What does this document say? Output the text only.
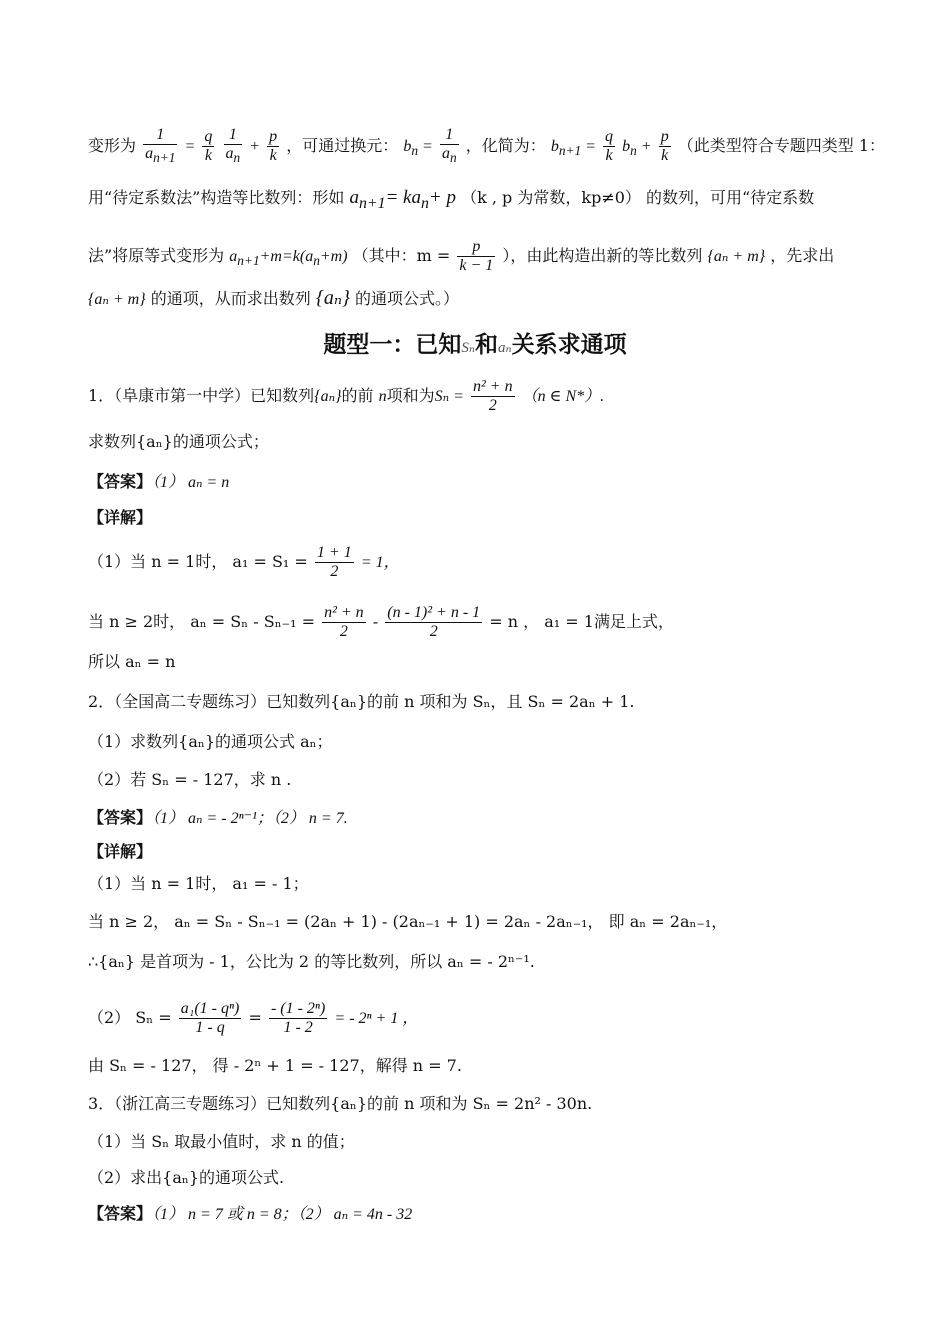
变形为 $\frac{1}{a_{n+1}} = \frac{q}{k}$
$\frac{1}{a_n} + \frac{p}{k}$ ，可通过换元： $b_n = \frac{1}{a_n}$ ，化简为： $b_{n+1} = \frac{q}{k} b_n + \frac{p}{k}$ （此类型符合专题四类型 1：
用“待定系数法”构造等比数列：形如 $a_{n+1}= ka_n+ p$ （k , p 为常数，kp≠0） 的数列，可用“待定系数
法”将原等式变形为 $a_{n+1}+m=k(a_n+m)$ （其中：$m = \frac{p}{k - 1}$ ），由此构造出新的等比数列 {aₙ + m} ，先求出
{aₙ + m} 的通项，从而求出数列 {aₙ} 的通项公式。）
题型一：已知Sₙ和aₙ关系求通项
1．（阜康市第一中学）已知数列{aₙ}的前 n项和为$S_n = \frac{\text{n² + n}}{2} (n$ ∈ N*）.
求数列{aₙ}的通项公式；
【答案】（1） aₙ = n
【详解】
（1）当 n = 1时， $a_1 = S_1 = \frac{1 + 1}{2} = 1$，
当 n ≥ 2时， $a_n = S_n - S_{n-1} = \frac{\text{n² + n}}{2} - \frac{\text{(n - 1)² + n - 1}}{2} = n$ ， a₁ = 1满足上式，
所以 aₙ = n
2．（全国高二专题练习）已知数列{aₙ}的前 n 项和为 Sₙ，且 Sₙ = 2aₙ + 1.
（1）求数列{aₙ}的通项公式 aₙ；
（2）若 Sₙ = - 127，求 n .
【答案】（1） aₙ = - 2ⁿ⁻¹；（2） n = 7.
【详解】
（1）当 n = 1时， a₁ = - 1；
当 n ≥ 2， aₙ = Sₙ - Sₙ₋₁ = (2aₙ + 1) - (2aₙ₋₁ + 1) = 2aₙ - 2aₙ₋₁， 即 aₙ = 2aₙ₋₁，
∴{aₙ} 是首项为 - 1，公比为 2 的等比数列，所以 aₙ = - 2ⁿ⁻¹.
（2） $S_n = \frac{\text{a₁(1 - qⁿ)}}{1 - q} = \frac{\text{- (1 - 2ⁿ)}}{1 - 2}$ = - 2ⁿ + 1 ，
由 Sₙ = - 127， 得 - 2ⁿ + 1 = - 127，解得 n = 7.
3．（浙江高三专题练习）已知数列{aₙ}的前 n 项和为 Sₙ = 2n² - 30n.
（1）当 Sₙ 取最小值时，求 n 的值；
（2）求出{aₙ}的通项公式.
【答案】（1） n = 7 或 n = 8；（2） aₙ = 4n - 32
